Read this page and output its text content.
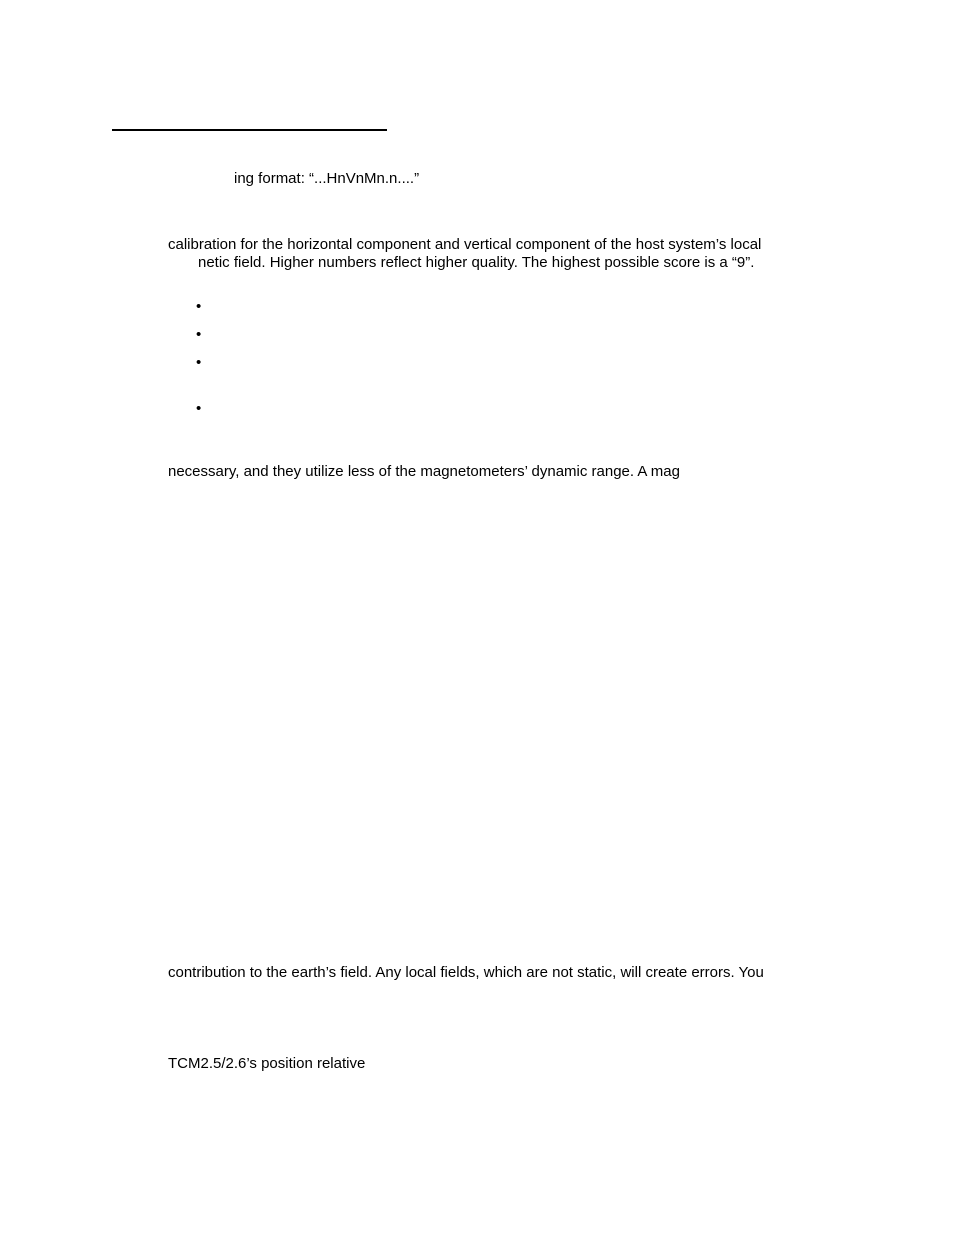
ing format: “...HnVnMn.n....”
calibration for the horizontal component and vertical component of the host system’s local
netic field. Higher numbers reflect higher quality. The highest possible score is a “9”.
•
•
•
•
necessary, and they utilize less of the magnetometers’ dynamic range. A mag
contribution to the earth’s field. Any local fields, which are not static, will create errors. You
TCM2.5/2.6’s position relative
